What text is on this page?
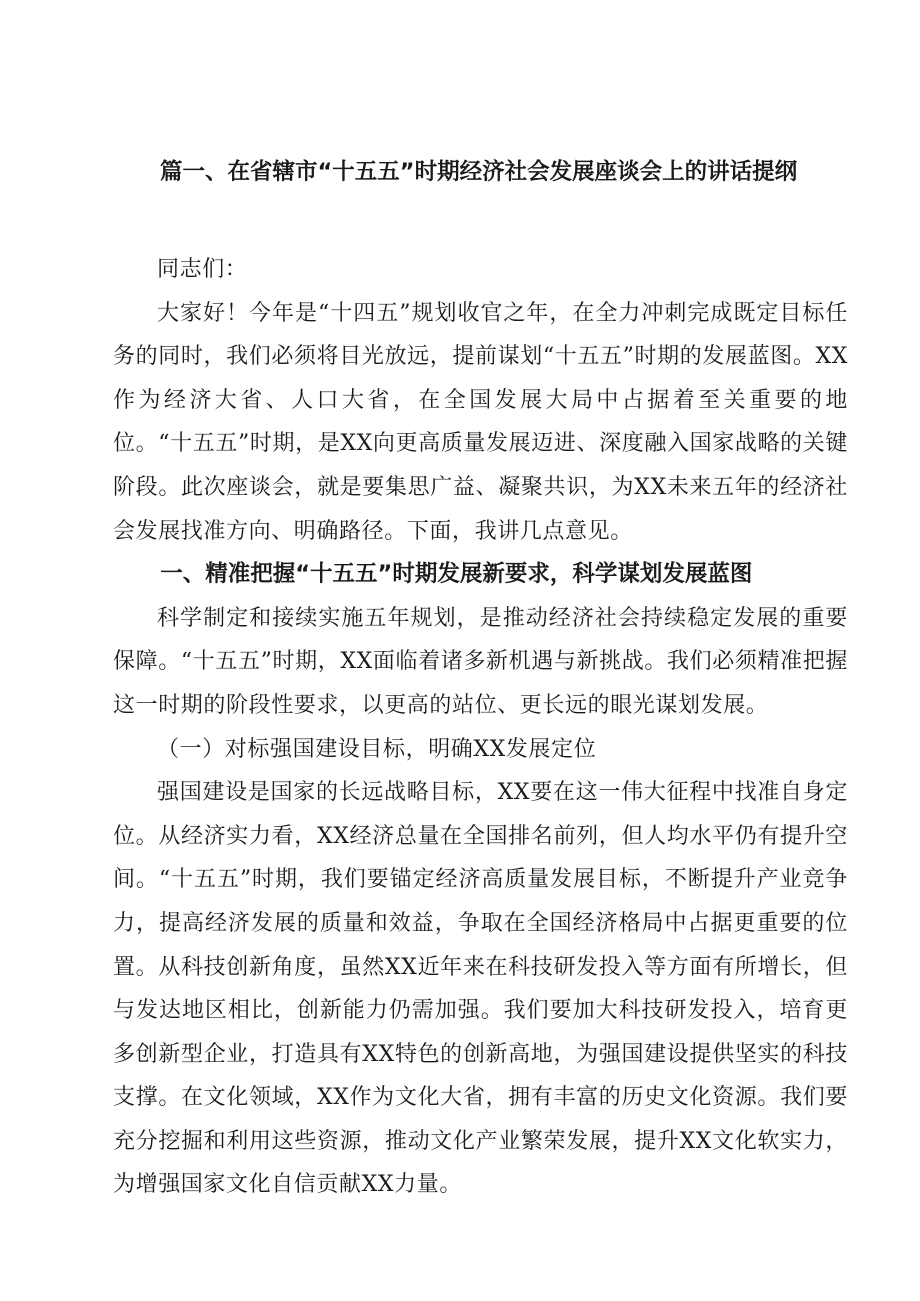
篇一、在省辖市“十五五”时期经济社会发展座谈会上的讲话提纲

同志们：

大家好！今年是“十四五”规划收官之年，在全力冲刺完成既定目标任务的同时，我们必须将目光放远，提前谋划“十五五”时期的发展蓝图。XX作为经济大省、人口大省，在全国发展大局中占据着至关重要的地位。“十五五”时期，是XX向更高质量发展迈进、深度融入国家战略的关键阶段。此次座谈会，就是要集思广益、凝聚共识，为XX未来五年的经济社会发展找准方向、明确路径。下面，我讲几点意见。

一、精准把握“十五五”时期发展新要求，科学谋划发展蓝图

科学制定和接续实施五年规划，是推动经济社会持续稳定发展的重要保障。“十五五”时期，XX面临着诸多新机遇与新挑战。我们必须精准把握这一时期的阶段性要求，以更高的站位、更长远的眼光谋划发展。

（一）对标强国建设目标，明确XX发展定位

强国建设是国家的长远战略目标，XX要在这一伟大征程中找准自身定位。从经济实力看，XX经济总量在全国排名前列，但人均水平仍有提升空间。“十五五”时期，我们要锚定经济高质量发展目标，不断提升产业竞争力，提高经济发展的质量和效益，争取在全国经济格局中占据更重要的位置。从科技创新角度，虽然XX近年来在科技研发投入等方面有所增长，但与发达地区相比，创新能力仍需加强。我们要加大科技研发投入，培育更多创新型企业，打造具有XX特色的创新高地，为强国建设提供坚实的科技支撑。在文化领域，XX作为文化大省，拥有丰富的历史文化资源。我们要充分挖掘和利用这些资源，推动文化产业繁荣发展，提升XX文化软实力，为增强国家文化自信贡献XX力量。
